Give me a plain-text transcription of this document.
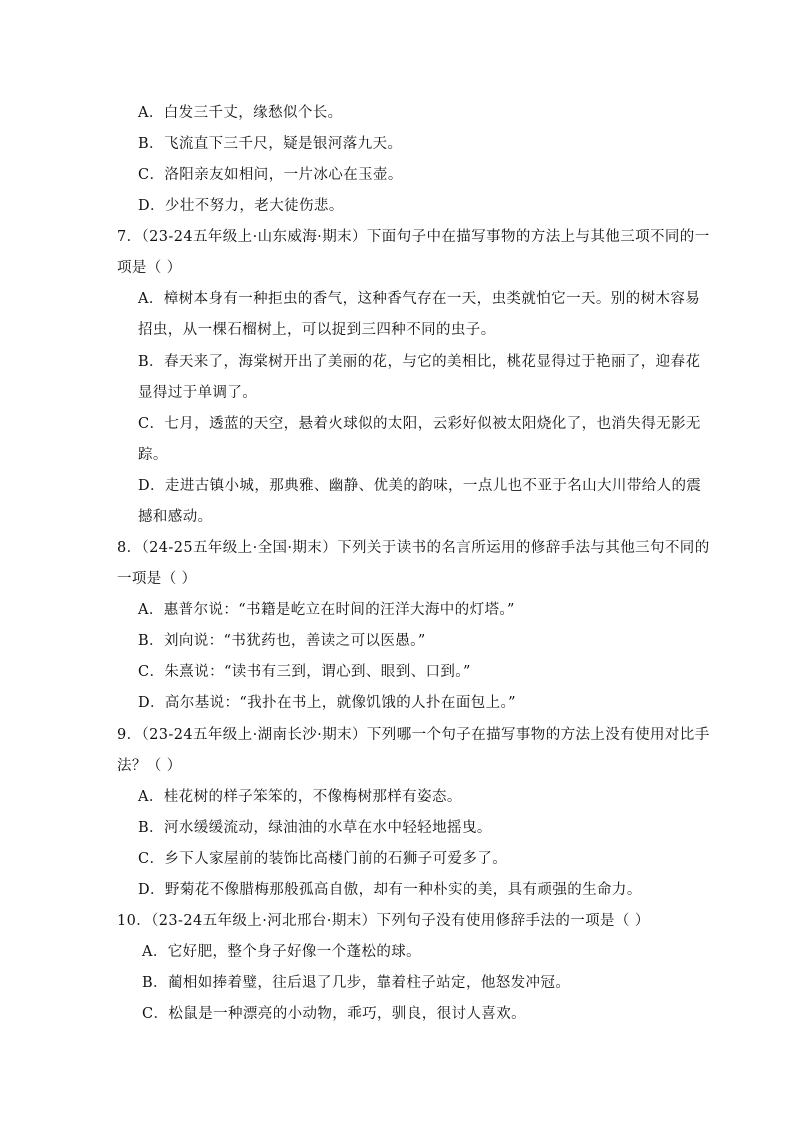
A．白发三千丈，缘愁似个长。
B．飞流直下三千尺，疑是银河落九天。
C．洛阳亲友如相问，一片冰心在玉壶。
D．少壮不努力，老大徒伤悲。
7．（23-24五年级上·山东威海·期末）下面句子中在描写事物的方法上与其他三项不同的一
项是（ ）
A．樟树本身有一种拒虫的香气，这种香气存在一天，虫类就怕它一天。别的树木容易
招虫，从一棵石榴树上，可以捉到三四种不同的虫子。
B．春天来了，海棠树开出了美丽的花，与它的美相比，桃花显得过于艳丽了，迎春花
显得过于单调了。
C．七月，透蓝的天空，悬着火球似的太阳，云彩好似被太阳烧化了，也消失得无影无
踪。
D．走进古镇小城，那典雅、幽静、优美的韵味，一点儿也不亚于名山大川带给人的震
撼和感动。
8．（24-25五年级上·全国·期末）下列关于读书的名言所运用的修辞手法与其他三句不同的
一项是（ ）
A．惠普尔说：“书籍是屹立在时间的汪洋大海中的灯塔。”
B．刘向说：“书犹药也，善读之可以医愚。”
C．朱熹说：“读书有三到，谓心到、眼到、口到。”
D．高尔基说：“我扑在书上，就像饥饿的人扑在面包上。”
9．（23-24五年级上·湖南长沙·期末）下列哪一个句子在描写事物的方法上没有使用对比手
法？（ ）
A．桂花树的样子笨笨的，不像梅树那样有姿态。
B．河水缓缓流动，绿油油的水草在水中轻轻地摇曳。
C．乡下人家屋前的装饰比高楼门前的石狮子可爱多了。
D．野菊花不像腊梅那般孤高自傲，却有一种朴实的美，具有顽强的生命力。
10．（23-24五年级上·河北邢台·期末）下列句子没有使用修辞手法的一项是（ ）
A．它好肥，整个身子好像一个蓬松的球。
B．蔺相如捧着璧，往后退了几步，靠着柱子站定，他怒发冲冠。
C．松鼠是一种漂亮的小动物，乖巧，驯良，很讨人喜欢。
